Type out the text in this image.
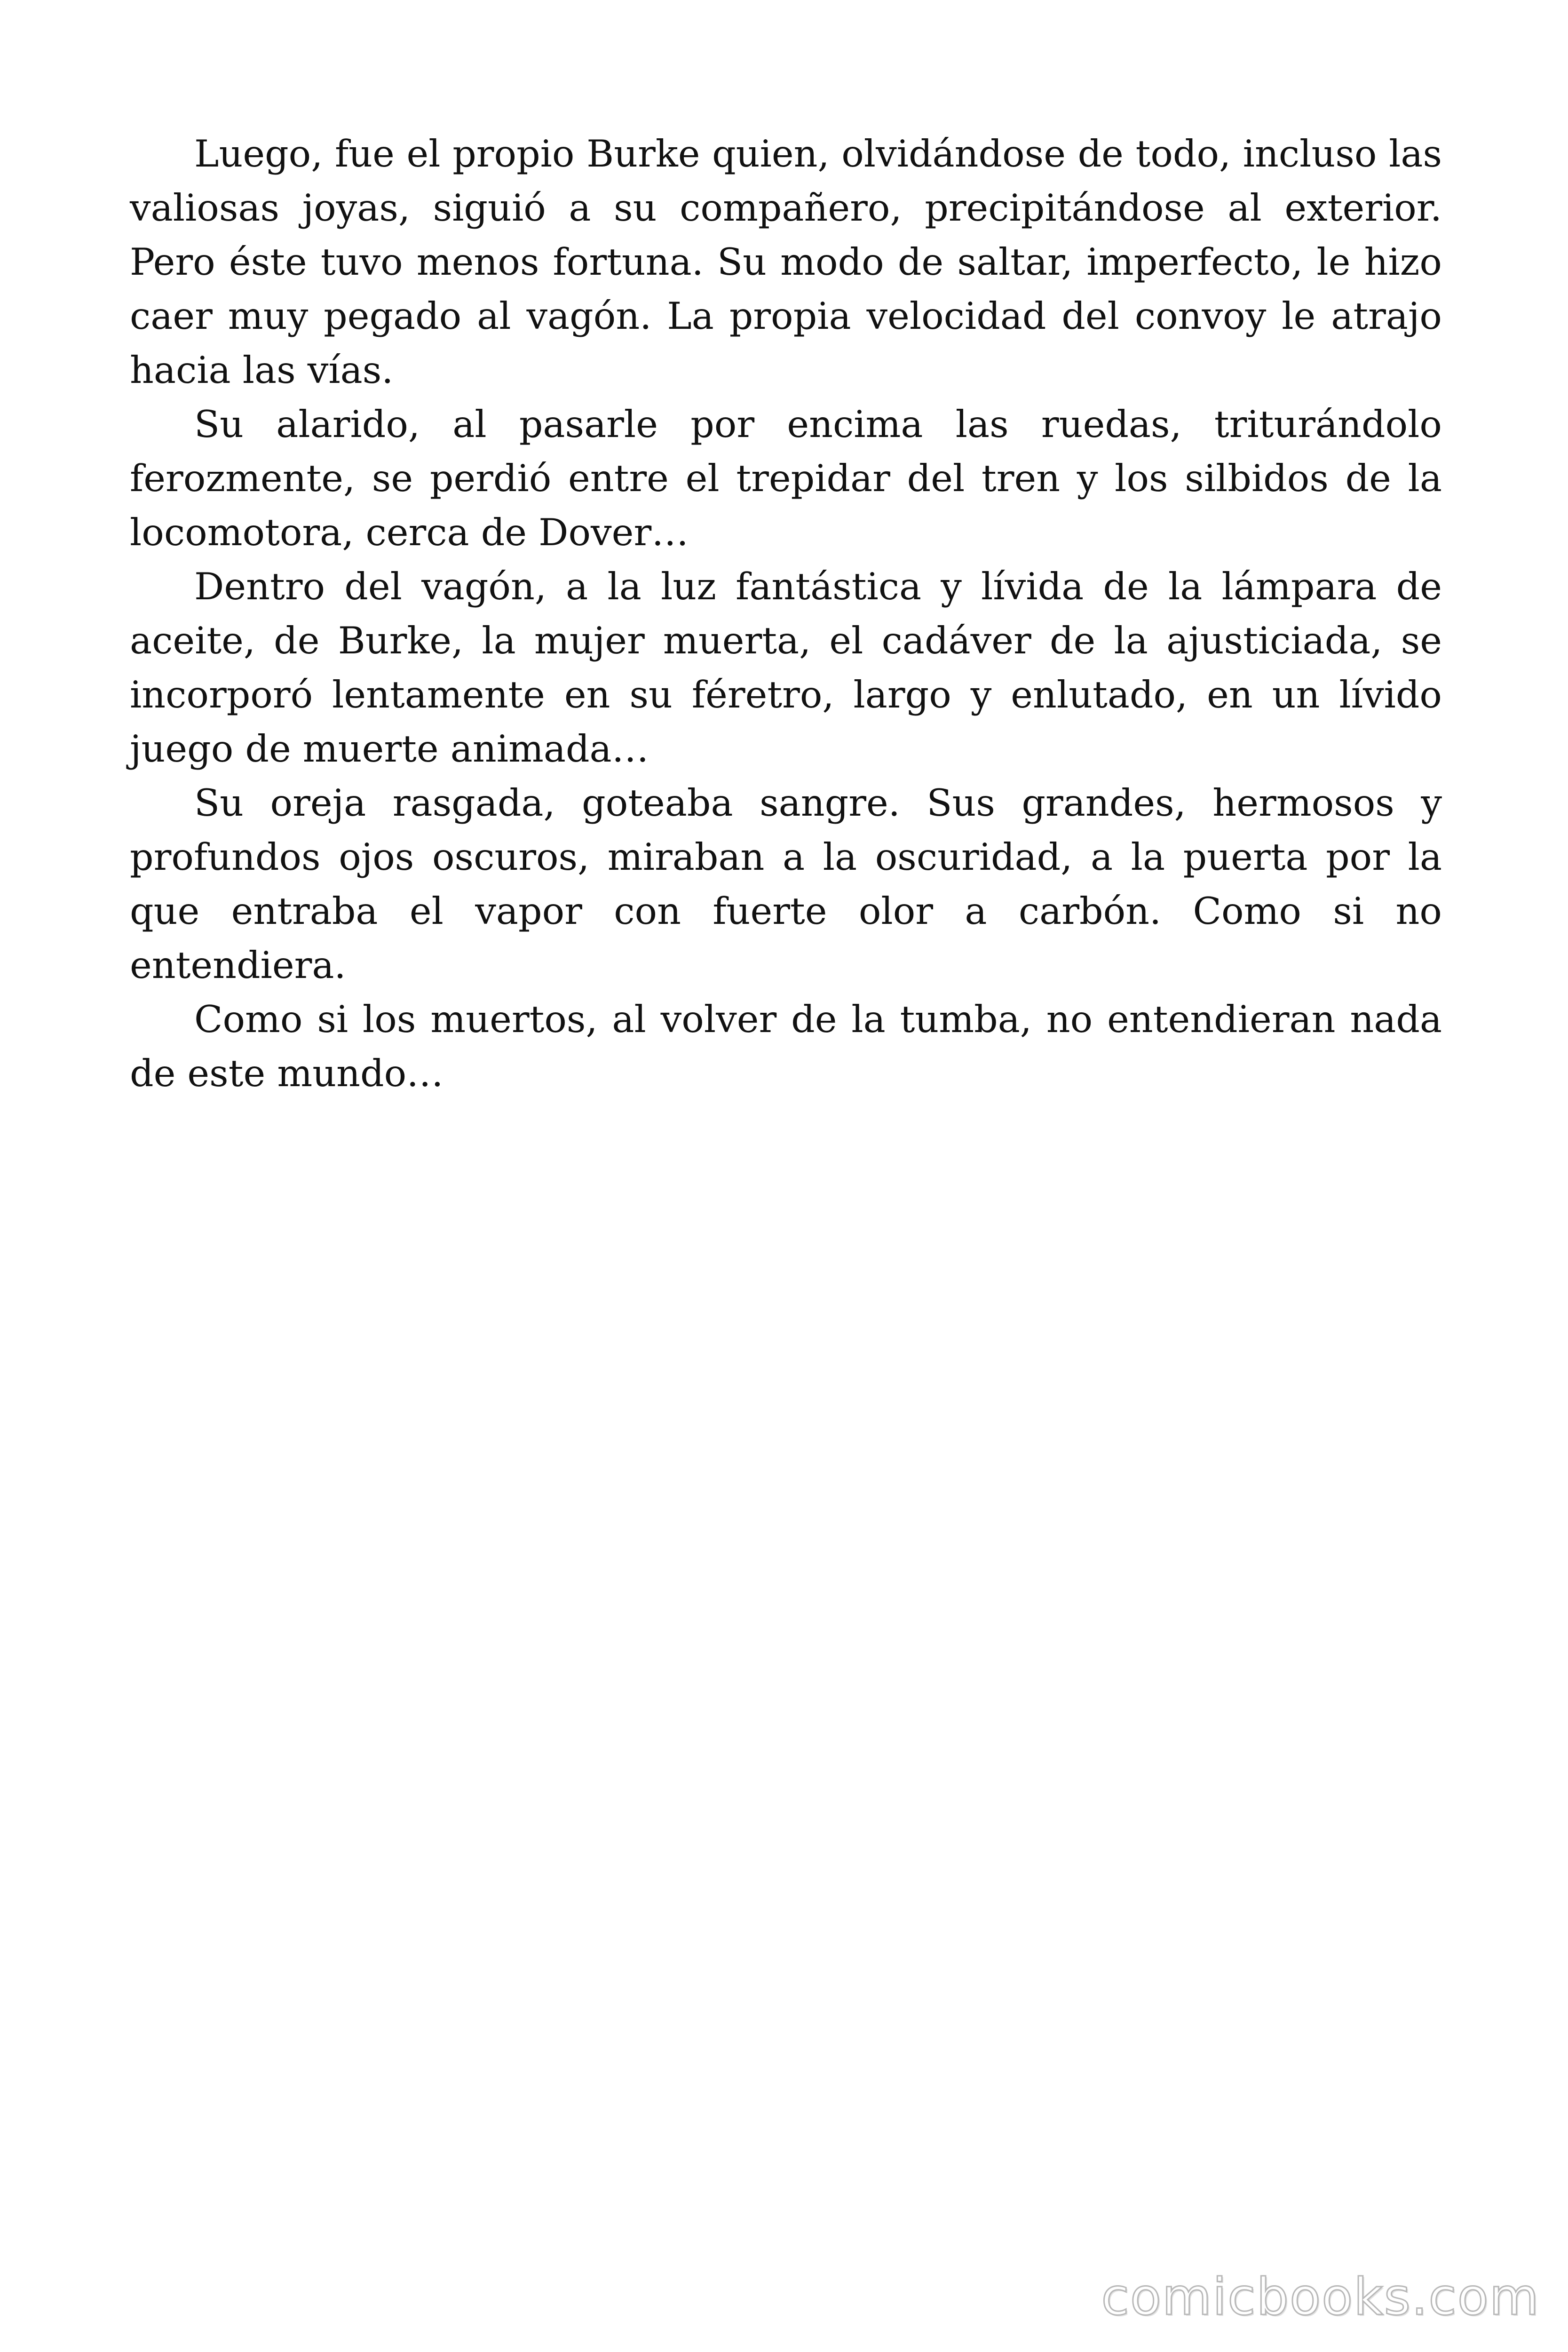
Luego, fue el propio Burke quien, olvidándose de todo, incluso las valiosas joyas, siguió a su compañero, precipitándose al exterior. Pero éste tuvo menos fortuna. Su modo de saltar, imperfecto, le hizo caer muy pegado al vagón. La propia velocidad del convoy le atrajo hacia las vías.

Su alarido, al pasarle por encima las ruedas, triturándolo ferozmente, se perdió entre el trepidar del tren y los silbidos de la locomotora, cerca de Dover…

Dentro del vagón, a la luz fantástica y lívida de la lámpara de aceite, de Burke, la mujer muerta, el cadáver de la ajusticiada, se incorporó lentamente en su féretro, largo y enlutado, en un lívido juego de muerte animada…

Su oreja rasgada, goteaba sangre. Sus grandes, hermosos y profundos ojos oscuros, miraban a la oscuridad, a la puerta por la que entraba el vapor con fuerte olor a carbón. Como si no entendiera.

Como si los muertos, al volver de la tumba, no entendieran nada de este mundo…

comicbooks.com
